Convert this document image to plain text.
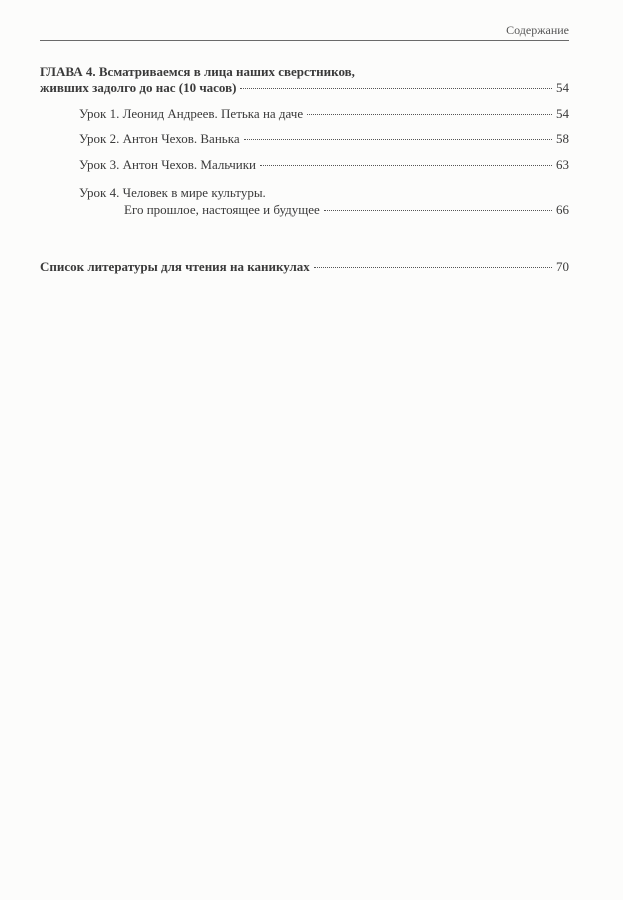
Содержание
ГЛАВА 4. Всматриваемся в лица наших сверстников,
живших задолго до нас (10 часов)	54
Урок 1. Леонид Андреев. Петька на даче	54
Урок 2. Антон Чехов. Ванька	58
Урок 3. Антон Чехов. Мальчики	63
Урок 4. Человек в мире культуры.
Его прошлое, настоящее и будущее	66
Список литературы для чтения на каникулах	70
